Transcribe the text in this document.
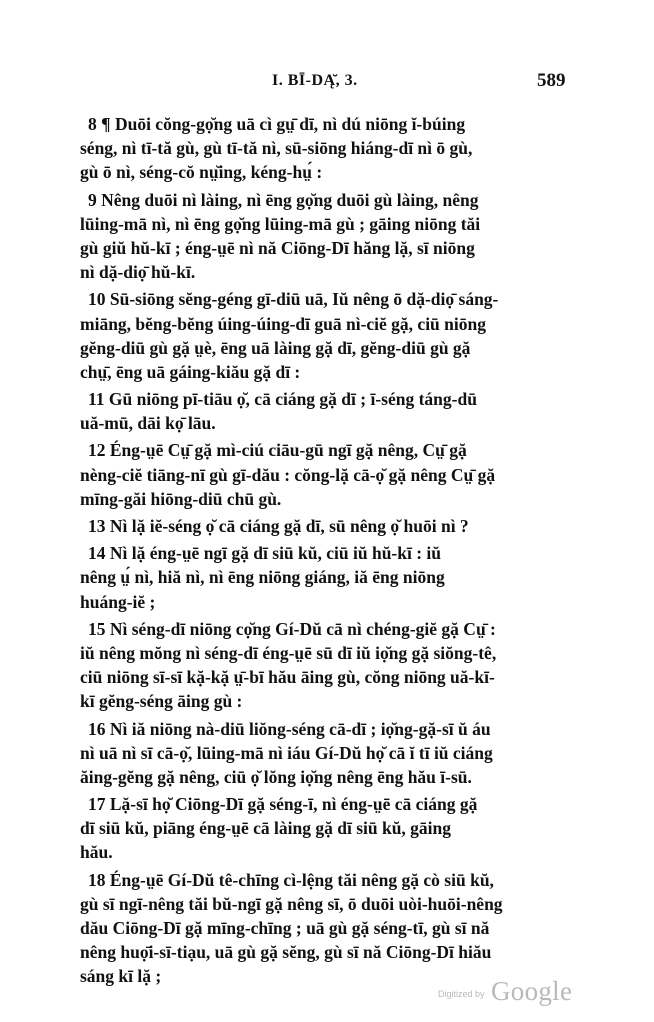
I. BĪ-DĄ̆, 3.	589
8 ¶ Duōi cŏng-gọ̆ng uā cì gṳ̄ dī, nì dú niōng ĭ-búing
séng, nì tī-tă gù, gù tī-tă nì, sū-siōng hiáng-dī nì ō gù,
gù ō nì, séng-cŏ nṳ̆ing, kéng-hṳ́ :
9 Nêng duōi nì làing, nì ēng gọ̆ng duōi gù làing, nêng
lūing-mā nì, nì ēng gọ̆ng lūing-mā gù ; gāing niōng tăi
gù giŭ hŭ-kī ; éng-ṳē nì nă Ciōng-Dī hăng lặ, sī niōng
nì dặ-diọ̄ hŭ-kī.
10 Sū-siōng sĕng-géng gī-diū uā, Iŭ nêng ō dặ-diọ̄ sáng-
miāng, bĕng-bĕng úing-úing-dī guā nì-ciĕ gặ, ciū niōng
gĕng-diū gù gặ ṳè, ēng uā làing gặ dī, gĕng-diū gù gặ
chṳ̄, ēng uā gáing-kiău gặ dī :
11 Gū niōng pī-tiāu ọ̆, cā ciáng gặ dī ; ī-séng táng-dū
uă-mū, dāi kọ̄ lāu.
12 Éng-ṳē Cṳ̄ gặ mì-ciú ciāu-gū ngī gặ nêng, Cṳ̄ gặ
nèng-ciĕ tiāng-nī gù gī-dău : cŏng-lặ cā-ọ̆ gặ nêng Cṳ̄ gặ
mīng-găi hiōng-diū chū gù.
13 Nì lặ iĕ-séng ọ̆ cā ciáng gặ dī, sū nêng ọ̆ huōi nì ?
14 Nì lặ éng-ṳē ngī gặ dī siū kŭ, ciū iŭ hŭ-kī : iŭ
nêng ṳ́ nì, hiă nì, nì ēng niōng giáng, iă ēng niōng
huáng-iĕ ;
15 Nì séng-dī niōng cọ̆ng Gí-Dŭ cā nì chéng-giĕ gặ Cṳ̄ :
iŭ nêng mŏng nì séng-dī éng-ṳē sū dī iŭ iọ̆ng gặ siŏng-tê,
ciū niōng sī-sī kặ-kặ ṳ̄-bī hău āing gù, cŏng niōng uă-kī-
kī gĕng-séng āing gù :
16 Nì iă niōng nà-diū liŏng-séng cā-dī ; iọ̆ng-gặ-sī ŭ áu
nì uā nì sī cā-ọ̆, lūing-mā nì iáu Gí-Dŭ họ̆ cā ĭ tī iŭ ciáng
ăing-gĕng gặ nêng, ciū ọ̆ lŏng iọ̆ng nêng ēng hău ī-sū.
17 Lặ-sī họ̆ Ciōng-Dī gặ séng-ī, nì éng-ṳē cā ciáng gặ
dī siū kŭ, piāng éng-ṳē cā làing gặ dī siū kŭ, gāing
hău.
18 Éng-ṳē Gí-Dŭ tê-chīng cì-lệng tăi nêng gặ cò siū kŭ,
gù sī ngī-nêng tăi bŭ-ngī gặ nêng sī, ō duōi uòi-huōi-nêng
dău Ciōng-Dī gặ mīng-chīng ; uā gù gặ séng-tī, gù sī nă
nêng huọ̄i-sī-tiạu, uā gù gặ sĕng, gù sī nă Ciōng-Dī hiău
sáng kī lặ ;
Digitized by Google
